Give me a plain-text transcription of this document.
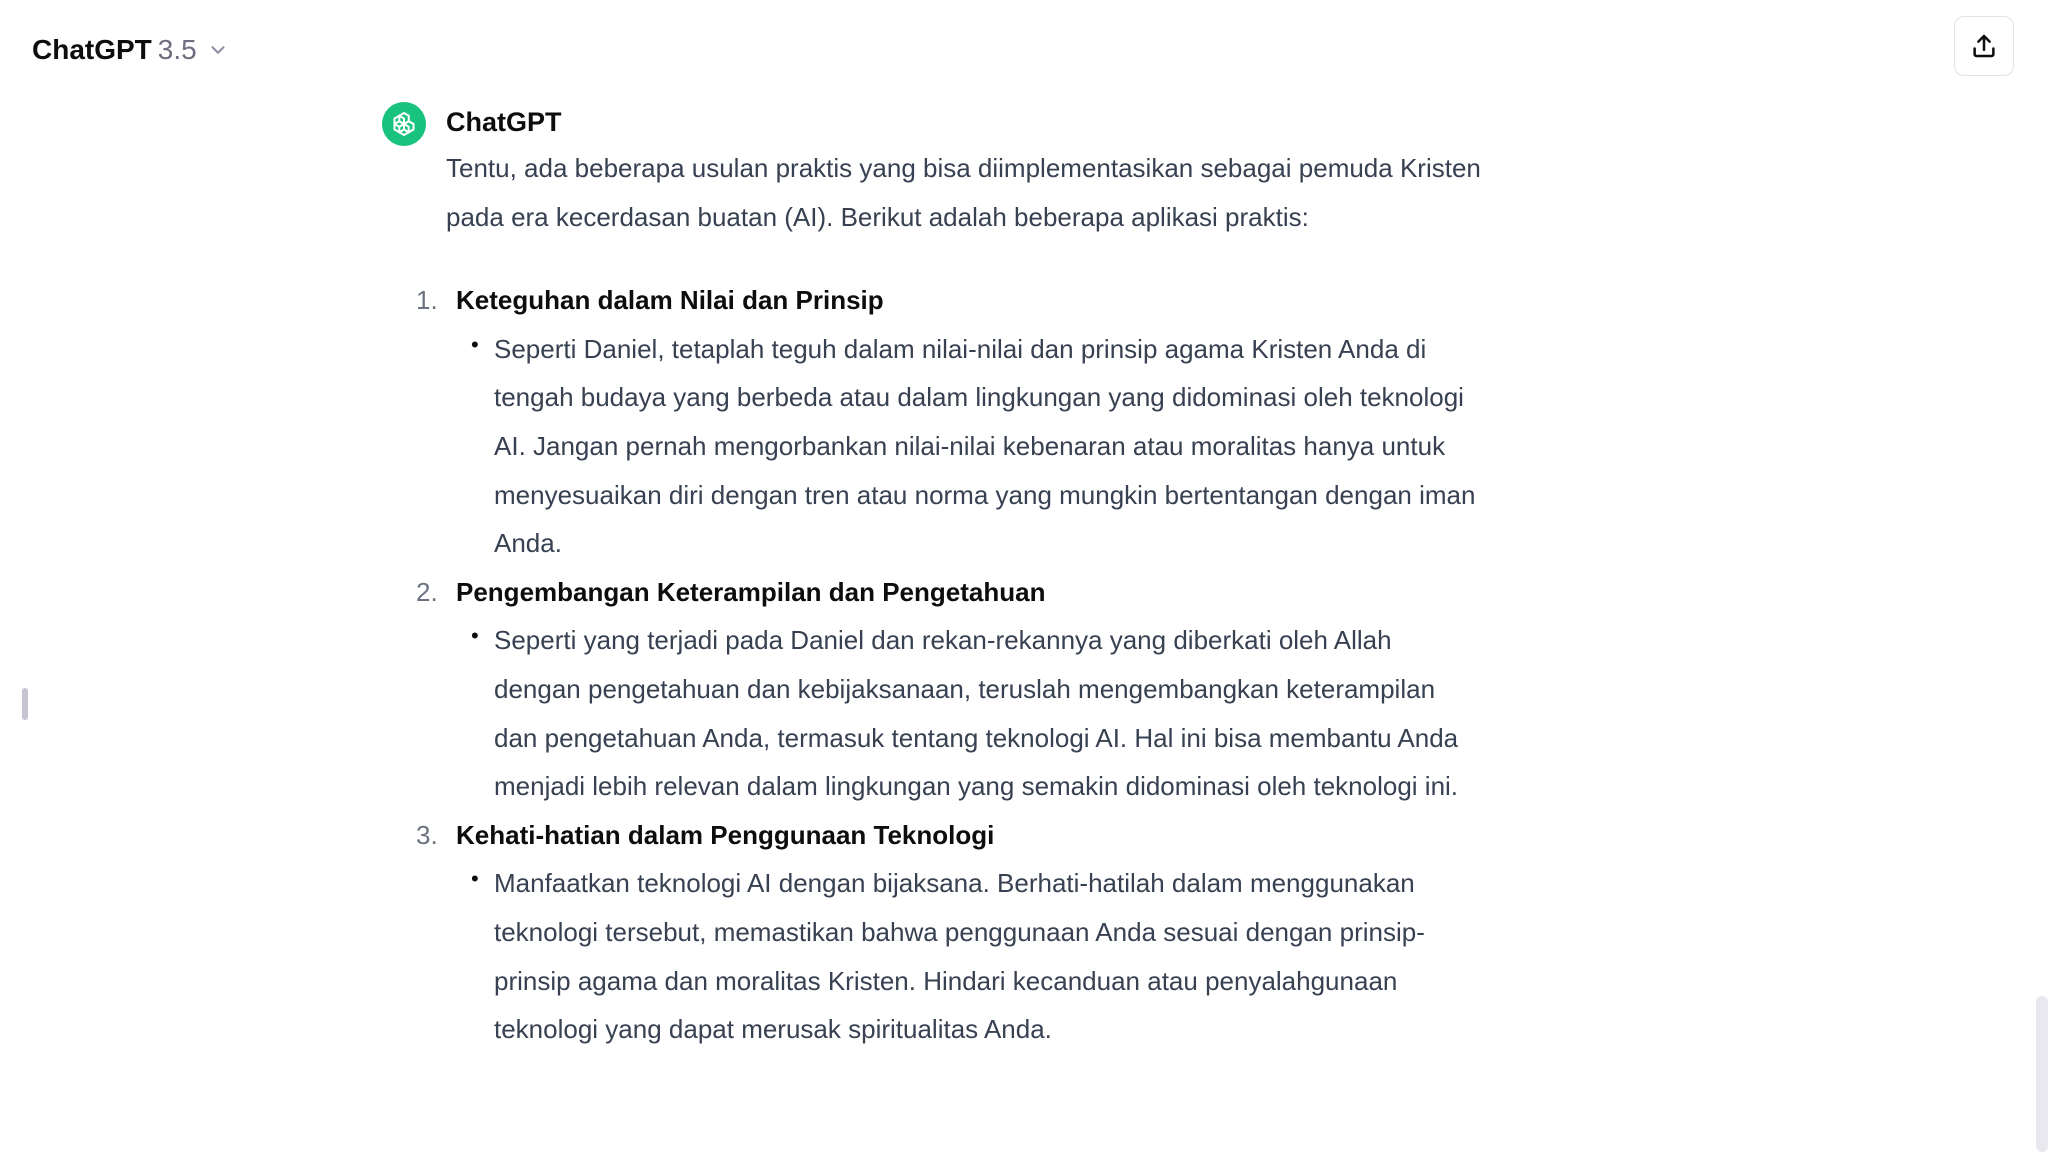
ChatGPT 3.5
ChatGPT

Tentu, ada beberapa usulan praktis yang bisa diimplementasikan sebagai pemuda Kristen pada era kecerdasan buatan (AI). Berikut adalah beberapa aplikasi praktis:

1. Keteguhan dalam Nilai dan Prinsip
• Seperti Daniel, tetaplah teguh dalam nilai-nilai dan prinsip agama Kristen Anda di tengah budaya yang berbeda atau dalam lingkungan yang didominasi oleh teknologi AI. Jangan pernah mengorbankan nilai-nilai kebenaran atau moralitas hanya untuk menyesuaikan diri dengan tren atau norma yang mungkin bertentangan dengan iman Anda.
2. Pengembangan Keterampilan dan Pengetahuan
• Seperti yang terjadi pada Daniel dan rekan-rekannya yang diberkati oleh Allah dengan pengetahuan dan kebijaksanaan, teruslah mengembangkan keterampilan dan pengetahuan Anda, termasuk tentang teknologi AI. Hal ini bisa membantu Anda menjadi lebih relevan dalam lingkungan yang semakin didominasi oleh teknologi ini.
3. Kehati-hatian dalam Penggunaan Teknologi
• Manfaatkan teknologi AI dengan bijaksana. Berhati-hatilah dalam menggunakan teknologi tersebut, memastikan bahwa penggunaan Anda sesuai dengan prinsip-prinsip agama dan moralitas Kristen. Hindari kecanduan atau penyalahgunaan teknologi yang dapat merusak spiritualitas Anda.
